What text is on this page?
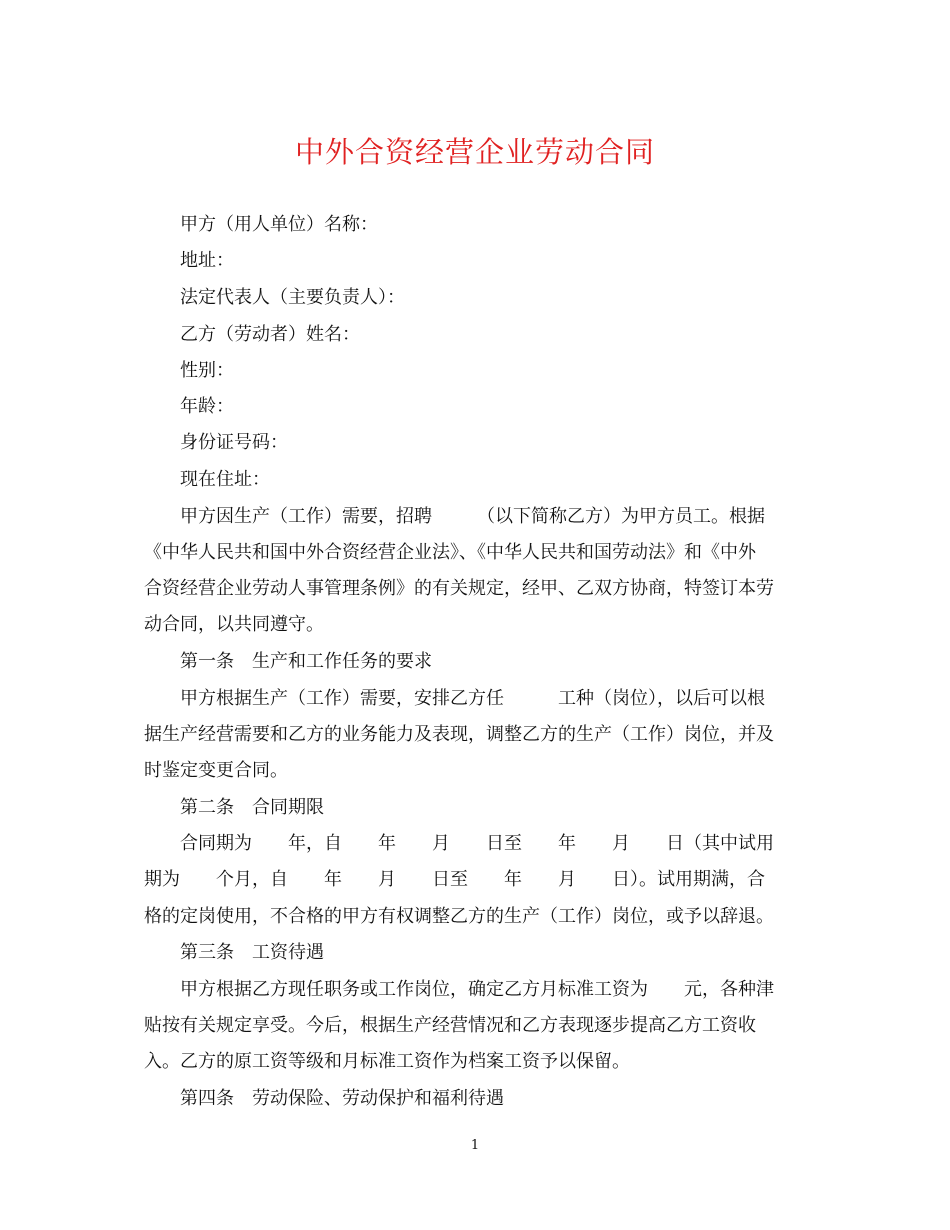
中外合资经营企业劳动合同
甲方（用人单位）名称：
地址：
法定代表人（主要负责人）：
乙方（劳动者）姓名：
性别：
年龄：
身份证号码：
现在住址：
甲方因生产（工作）需要，招聘　　　（以下简称乙方）为甲方员工。根据
《中华人民共和国中外合资经营企业法》、《中华人民共和国劳动法》和《中外
合资经营企业劳动人事管理条例》的有关规定，经甲、乙双方协商，特签订本劳
动合同，以共同遵守。
第一条　生产和工作任务的要求
甲方根据生产（工作）需要，安排乙方任　　　工种（岗位），以后可以根
据生产经营需要和乙方的业务能力及表现，调整乙方的生产（工作）岗位，并及
时鉴定变更合同。
第二条　合同期限
合同期为　　年，自　　年　　月　　日至　　年　　月　　日（其中试用
期为　　个月，自　　年　　月　　日至　　年　　月　　日）。试用期满，合
格的定岗使用，不合格的甲方有权调整乙方的生产（工作）岗位，或予以辞退。
第三条　工资待遇
甲方根据乙方现任职务或工作岗位，确定乙方月标准工资为　　元，各种津
贴按有关规定享受。今后，根据生产经营情况和乙方表现逐步提高乙方工资收
入。乙方的原工资等级和月标准工资作为档案工资予以保留。
第四条　劳动保险、劳动保护和福利待遇
1
